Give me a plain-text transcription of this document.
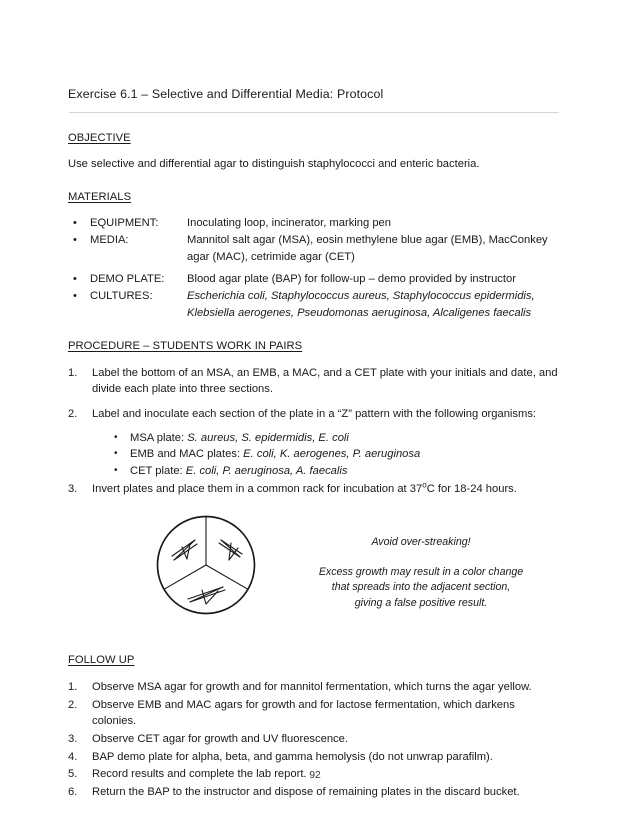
Exercise 6.1 – Selective and Differential Media: Protocol
OBJECTIVE
Use selective and differential agar to distinguish staphylococci and enteric bacteria.
MATERIALS
•	EQUIPMENT:	Inoculating loop, incinerator, marking pen
•	MEDIA:	Mannitol salt agar (MSA), eosin methylene blue agar (EMB), MacConkey
agar (MAC), cetrimide agar (CET)
•	DEMO PLATE:	Blood agar plate (BAP) for follow-up – demo provided by instructor
•	CULTURES:	Escherichia coli, Staphylococcus aureus, Staphylococcus epidermidis,
Klebsiella aerogenes, Pseudomonas aeruginosa, Alcaligenes faecalis
PROCEDURE – STUDENTS WORK IN PAIRS
1.	Label the bottom of an MSA, an EMB, a MAC, and a CET plate with your initials and date, and divide each plate into three sections.
2.	Label and inoculate each section of the plate in a “Z” pattern with the following organisms:
•	MSA plate: S. aureus, S. epidermidis, E. coli
•	EMB and MAC plates: E. coli, K. aerogenes, P. aeruginosa
•	CET plate: E. coli, P. aeruginosa, A. faecalis
3.	Invert plates and place them in a common rack for incubation at 37$^o$C for 18-24 hours.
Avoid over-streaking!
Excess growth may result in a color change
that spreads into the adjacent section,
giving a false positive result.
FOLLOW UP
1.	Observe MSA agar for growth and for mannitol fermentation, which turns the agar yellow.
2.	Observe EMB and MAC agars for growth and for lactose fermentation, which darkens colonies.
3.	Observe CET agar for growth and UV fluorescence.
4.	BAP demo plate for alpha, beta, and gamma hemolysis (do not unwrap parafilm).
5.	Record results and complete the lab report.
6.	Return the BAP to the instructor and dispose of remaining plates in the discard bucket.
92
